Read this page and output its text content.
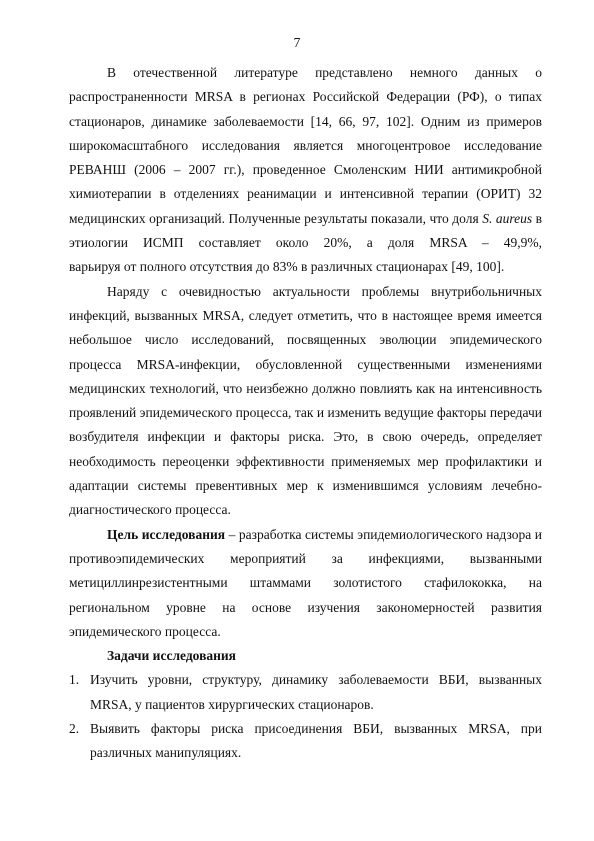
7

В отечественной литературе представлено немного данных о распространенности MRSA в регионах Российской Федерации (РФ), о типах стационаров, динамике заболеваемости [14, 66, 97, 102]. Одним из примеров широкомасштабного исследования является многоцентровое исследование РЕВАНШ (2006 – 2007 гг.), проведенное Смоленским НИИ антимикробной химиотерапии в отделениях реанимации и интенсивной терапии (ОРИТ) 32 медицинских организаций. Полученные результаты показали, что доля S. aureus в этиологии ИСМП составляет около 20%, а доля MRSA – 49,9%, варьируя от полного отсутствия до 83% в различных стационарах [49, 100].

Наряду с очевидностью актуальности проблемы внутрибольничных инфекций, вызванных MRSA, следует отметить, что в настоящее время имеется небольшое число исследований, посвященных эволюции эпидемического процесса MRSA-инфекции, обусловленной существенными изменениями медицинских технологий, что неизбежно должно повлиять как на интенсивность проявлений эпидемического процесса, так и изменить ведущие факторы передачи возбудителя инфекции и факторы риска. Это, в свою очередь, определяет необходимость переоценки эффективности применяемых мер профилактики и адаптации системы превентивных мер к изменившимся условиям лечебно-диагностического процесса.

Цель исследования – разработка системы эпидемиологического надзора и противоэпидемических мероприятий за инфекциями, вызванными метициллинрезистентными штаммами золотистого стафилококка, на региональном уровне на основе изучения закономерностей развития эпидемического процесса.

Задачи исследования

1. Изучить уровни, структуру, динамику заболеваемости ВБИ, вызванных MRSA, у пациентов хирургических стационаров.
2. Выявить факторы риска присоединения ВБИ, вызванных MRSA, при различных манипуляциях.
